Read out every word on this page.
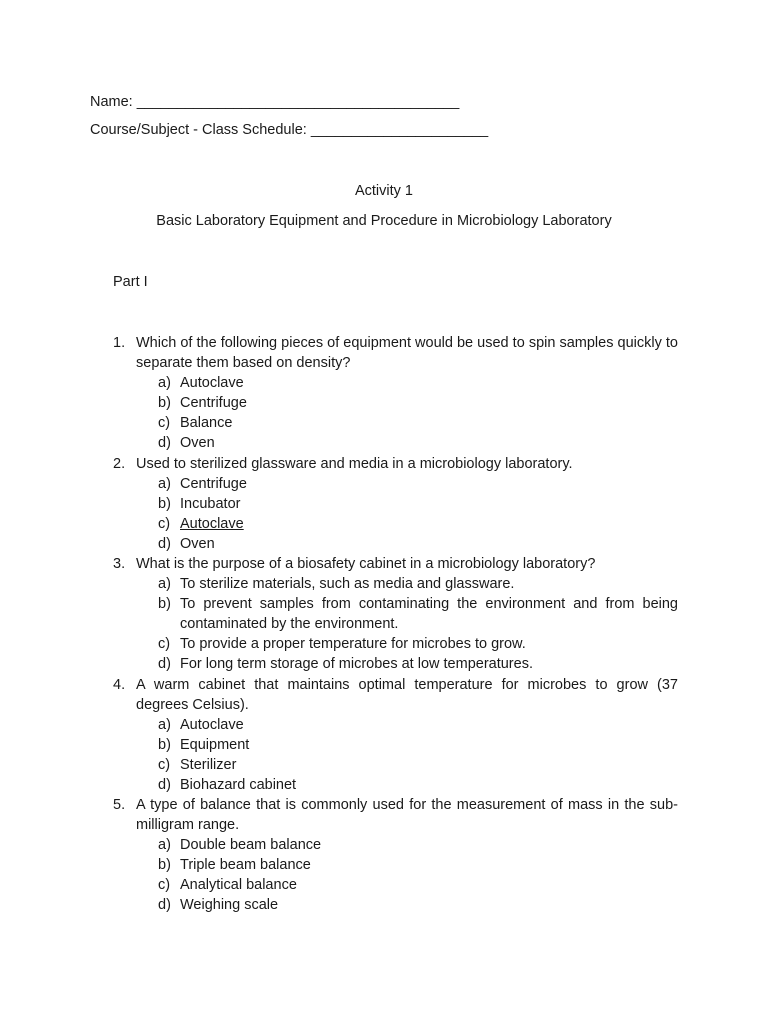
Name: ________________________________________
Course/Subject - Class Schedule: ______________________
Activity 1
Basic Laboratory Equipment and Procedure in Microbiology Laboratory
Part I
1. Which of the following pieces of equipment would be used to spin samples quickly to separate them based on density?
a) Autoclave
b) Centrifuge
c) Balance
d) Oven
2. Used to sterilized glassware and media in a microbiology laboratory.
a) Centrifuge
b) Incubator
c) Autoclave
d) Oven
3. What is the purpose of a biosafety cabinet in a microbiology laboratory?
a) To sterilize materials, such as media and glassware.
b) To prevent samples from contaminating the environment and from being contaminated by the environment.
c) To provide a proper temperature for microbes to grow.
d) For long term storage of microbes at low temperatures.
4. A warm cabinet that maintains optimal temperature for microbes to grow (37 degrees Celsius).
a) Autoclave
b) Equipment
c) Sterilizer
d) Biohazard cabinet
5. A type of balance that is commonly used for the measurement of mass in the sub-milligram range.
a) Double beam balance
b) Triple beam balance
c) Analytical balance
d) Weighing scale
